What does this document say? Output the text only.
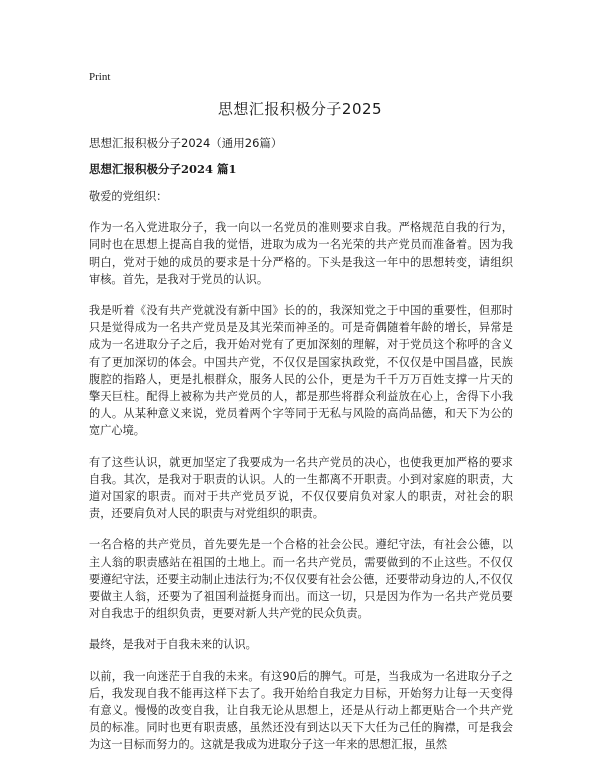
Print
思想汇报积极分子2025
思想汇报积极分子2024（通用26篇）
思想汇报积极分子2024 篇1

敬爱的党组织：

作为一名入党进取分子，我一向以一名党员的准则要求自我。严格规范自我的行为，同时也在思想上提高自我的觉悟，进取为成为一名光荣的共产党员而准备着。因为我明白，党对于她的成员的要求是十分严格的。下头是我这一年中的思想转变，请组织审核。首先，是我对于党员的认识。

我是听着《没有共产党就没有新中国》长的的，我深知党之于中国的重要性，但那时只是觉得成为一名共产党员是及其光荣而神圣的。可是奇偶随着年龄的增长，异常是成为一名进取分子之后，我开始对党有了更加深刻的理解，对于党员这个称呼的含义有了更加深切的体会。中国共产党，不仅仅是国家执政党，不仅仅是中国昌盛，民族腹腔的指路人，更是扎根群众，服务人民的公仆，更是为千千万万百姓支撑一片天的擎天巨柱。配得上被称为共产党员的人，都是那些将群众利益放在心上，舍得下小我的人。从某种意义来说，党员着两个字等同于无私与风险的高尚品德，和天下为公的宽广心境。

有了这些认识，就更加坚定了我要成为一名共产党员的决心，也使我更加严格的要求自我。其次，是我对于职责的认识。人的一生都离不开职责。小到对家庭的职责，大道对国家的职责。而对于共产党员歹说，不仅仅要肩负对家人的职责，对社会的职责，还要肩负对人民的职责与对党组织的职责。

一名合格的共产党员，首先要先是一个合格的社会公民。遵纪守法，有社会公德，以主人翁的职责感站在祖国的土地上。而一名共产党员，需要做到的不止这些。不仅仅要遵纪守法，还要主动制止违法行为;不仅仅要有社会公德，还要带动身边的人,不仅仅要做主人翁，还要为了祖国利益挺身而出。而这一切，只是因为作为一名共产党员要对自我忠于的组织负责，更要对新人共产党的民众负责。

最终，是我对于自我未来的认识。

以前，我一向迷茫于自我的未来。有这90后的脾气。可是，当我成为一名进取分子之后，我发现自我不能再这样下去了。我开始给自我定力目标，开始努力让每一天变得有意义。慢慢的改变自我，让自我无论从思想上，还是从行动上都更贴合一个共产党员的标准。同时也更有职责感，虽然还没有到达以天下大任为己任的胸襟，可是我会为这一目标而努力的。这就是我成为进取分子这一年来的思想汇报，虽然
